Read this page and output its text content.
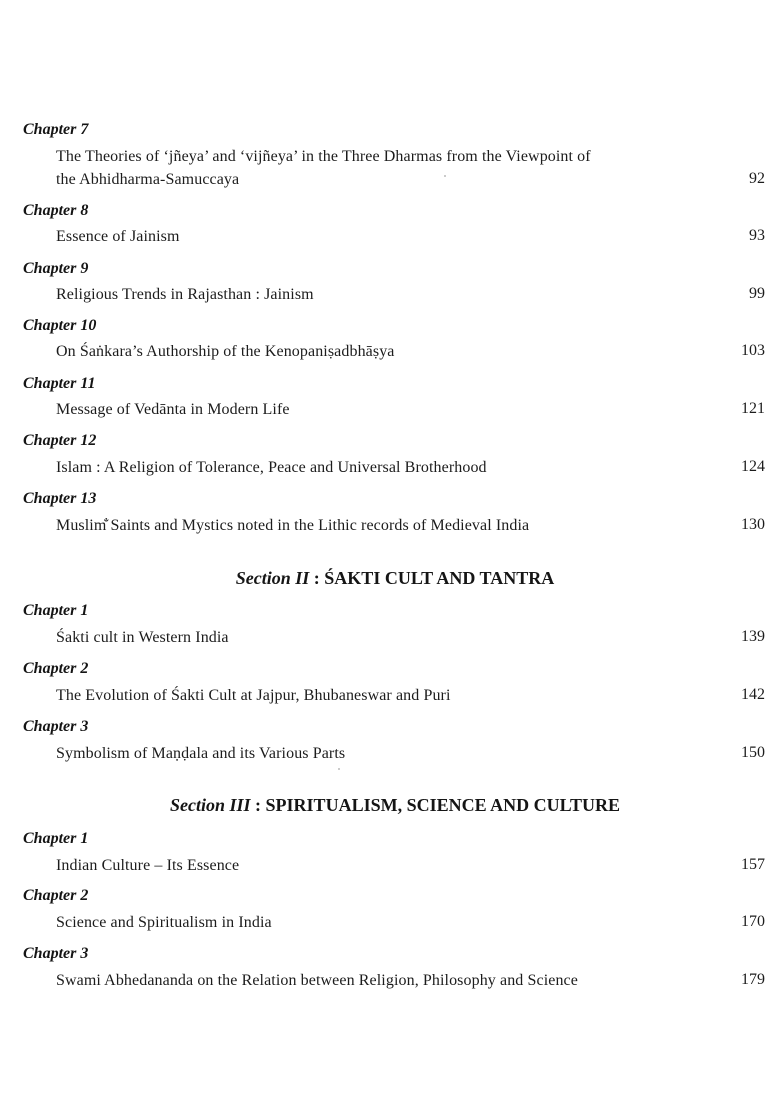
Chapter 7
The Theories of ‘jñeya’ and ‘vijñeya’ in the Three Dharmas from the Viewpoint of the Abhidharma-Samuccaya	92
Chapter 8
Essence of Jainism	93
Chapter 9
Religious Trends in Rajasthan : Jainism	99
Chapter 10
On Śaṅkara’s Authorship of the Kenopaniṣadbhāṣya	103
Chapter 11
Message of Vedānta in Modern Life	121
Chapter 12
Islam : A Religion of Tolerance, Peace and Universal Brotherhood	124
Chapter 13
Muslim̐ Saints and Mystics noted in the Lithic records of Medieval India	130
Section II : ŚAKTI CULT AND TANTRA
Chapter 1
Śakti cult in Western India	139
Chapter 2
The Evolution of Śakti Cult at Jajpur, Bhubaneswar and Puri	142
Chapter 3
Symbolism of Maṇḍala and its Various Parts	150
Section III : SPIRITUALISM, SCIENCE AND CULTURE
Chapter 1
Indian Culture – Its Essence	157
Chapter 2
Science and Spiritualism in India	170
Chapter 3
Swami Abhedananda on the Relation between Religion, Philosophy and Science	179
